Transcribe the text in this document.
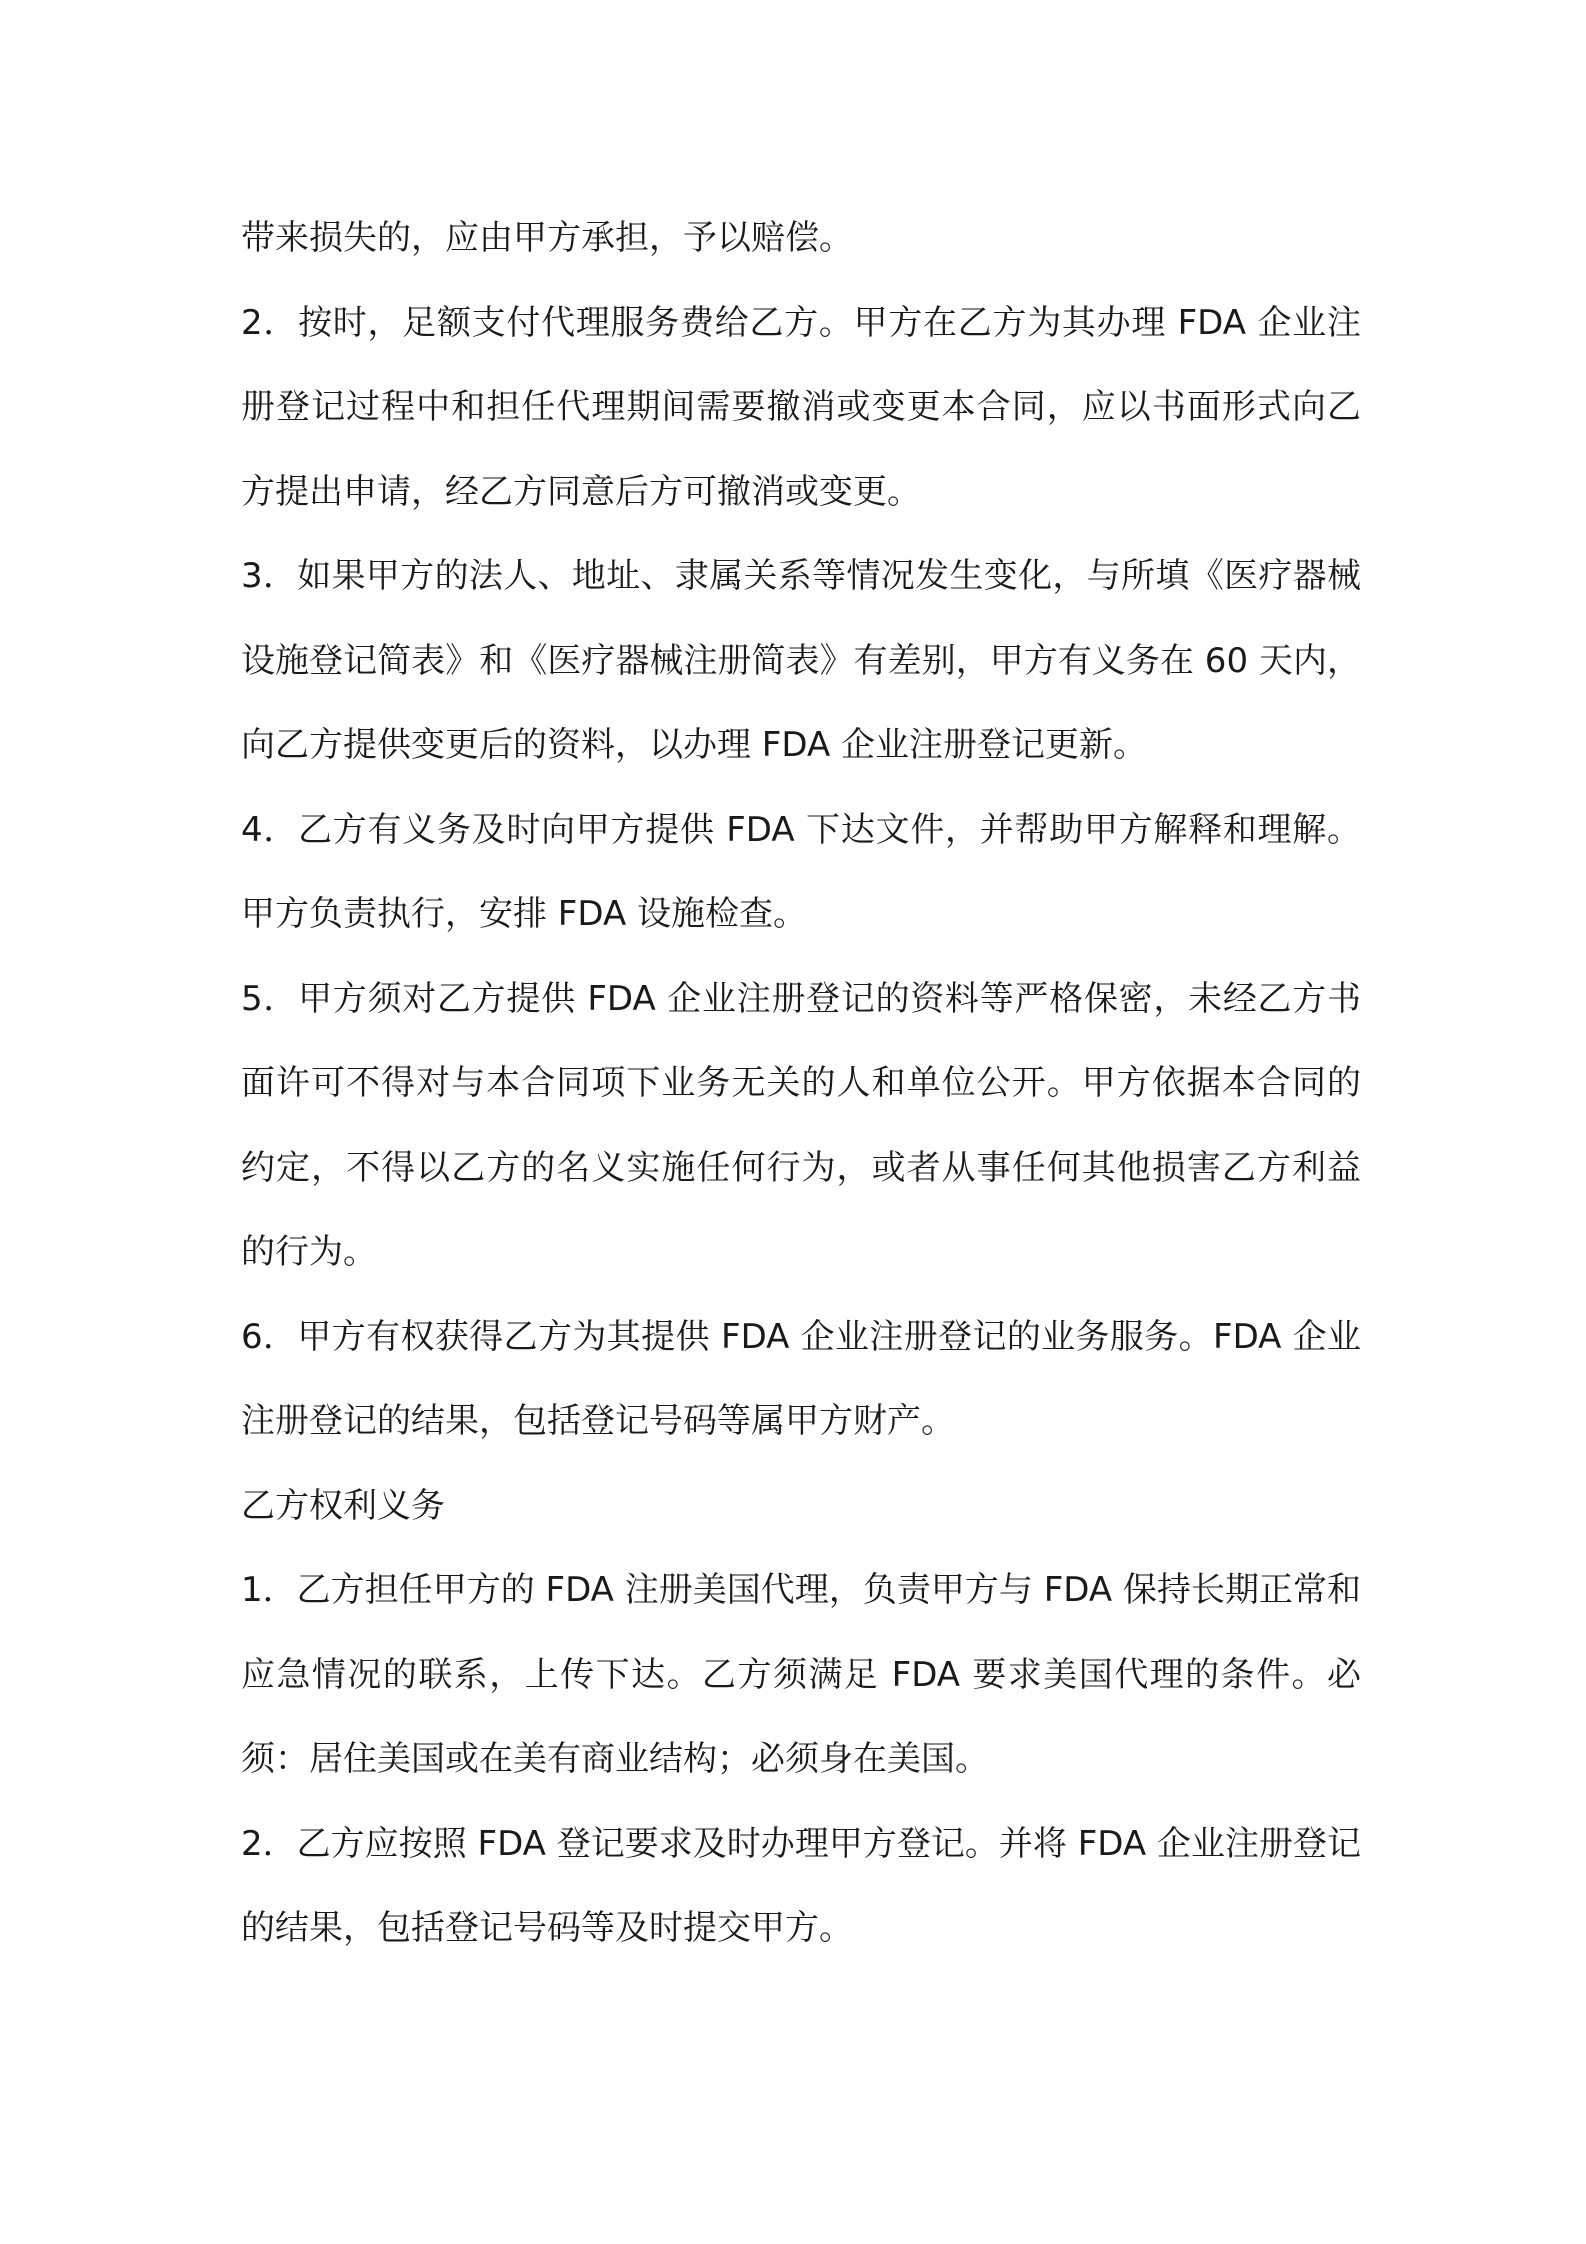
带来损失的，应由甲方承担，予以赔偿。

2．按时，足额支付代理服务费给乙方。甲方在乙方为其办理 FDA 企业注册登记过程中和担任代理期间需要撤消或变更本合同，应以书面形式向乙方提出申请，经乙方同意后方可撤消或变更。

3．如果甲方的法人、地址、隶属关系等情况发生变化，与所填《医疗器械设施登记简表》和《医疗器械注册简表》有差别，甲方有义务在 60 天内，向乙方提供变更后的资料，以办理 FDA 企业注册登记更新。

4．乙方有义务及时向甲方提供 FDA 下达文件，并帮助甲方解释和理解。甲方负责执行，安排 FDA 设施检查。

5．甲方须对乙方提供 FDA 企业注册登记的资料等严格保密，未经乙方书面许可不得对与本合同项下业务无关的人和单位公开。甲方依据本合同的约定，不得以乙方的名义实施任何行为，或者从事任何其他损害乙方利益的行为。

6．甲方有权获得乙方为其提供 FDA 企业注册登记的业务服务。FDA 企业注册登记的结果，包括登记号码等属甲方财产。

乙方权利义务

1．乙方担任甲方的 FDA 注册美国代理，负责甲方与 FDA 保持长期正常和应急情况的联系，上传下达。乙方须满足 FDA 要求美国代理的条件。必须：居住美国或在美有商业结构；必须身在美国。

2．乙方应按照 FDA 登记要求及时办理甲方登记。并将 FDA 企业注册登记的结果，包括登记号码等及时提交甲方。
